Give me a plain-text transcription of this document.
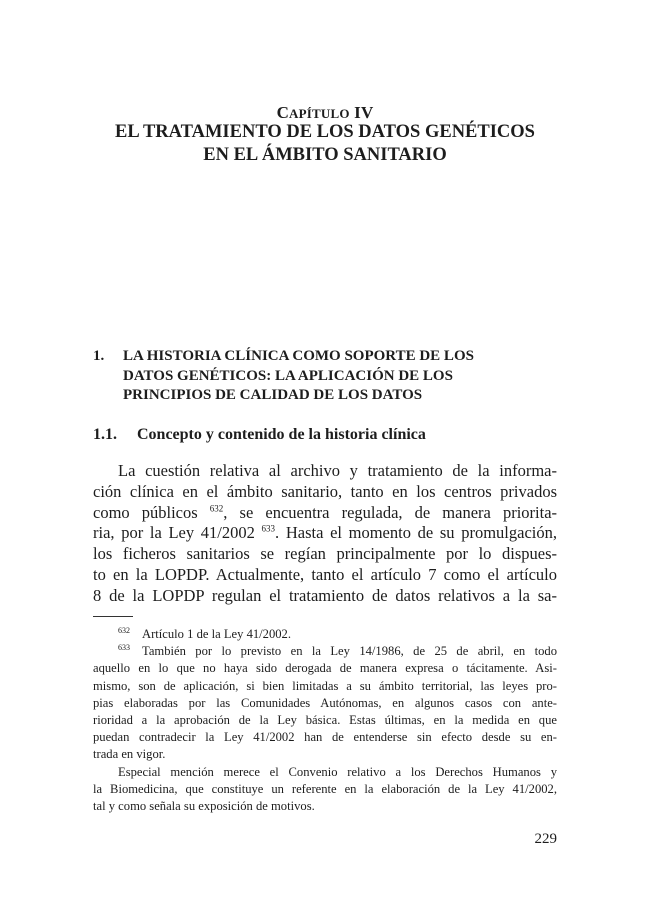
CAPÍTULO IV
EL TRATAMIENTO DE LOS DATOS GENÉTICOS
EN EL ÁMBITO SANITARIO
1. LA HISTORIA CLÍNICA COMO SOPORTE DE LOS
DATOS GENÉTICOS: LA APLICACIÓN DE LOS
PRINCIPIOS DE CALIDAD DE LOS DATOS
1.1. Concepto y contenido de la historia clínica
La cuestión relativa al archivo y tratamiento de la informa-
ción clínica en el ámbito sanitario, tanto en los centros privados
como públicos $^{632}$, se encuentra regulada, de manera priorita-
ria, por la Ley 41/2002 $^{633}$. Hasta el momento de su promulgación,
los ficheros sanitarios se regían principalmente por lo dispues-
to en la LOPDP. Actualmente, tanto el artículo 7 como el artículo
8 de la LOPDP regulan el tratamiento de datos relativos a la sa-
$^{632}$ Artículo 1 de la Ley 41/2002.
$^{633}$ También por lo previsto en la Ley 14/1986, de 25 de abril, en todo
aquello en lo que no haya sido derogada de manera expresa o tácitamente. Asi-
mismo, son de aplicación, si bien limitadas a su ámbito territorial, las leyes pro-
pias elaboradas por las Comunidades Autónomas, en algunos casos con ante-
rioridad a la aprobación de la Ley básica. Estas últimas, en la medida en que
puedan contradecir la Ley 41/2002 han de entenderse sin efecto desde su en-
trada en vigor.
Especial mención merece el Convenio relativo a los Derechos Humanos y
la Biomedicina, que constituye un referente en la elaboración de la Ley 41/2002,
tal y como señala su exposición de motivos.
229
